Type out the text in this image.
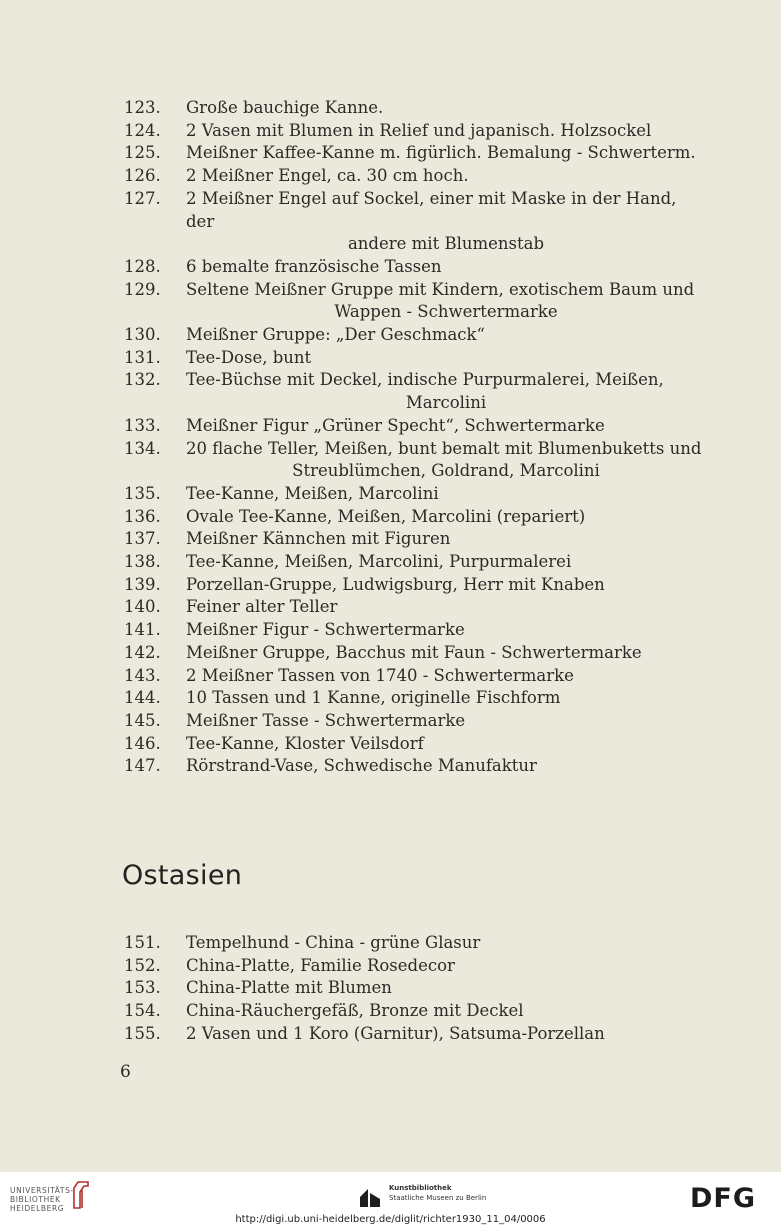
123.	Große bauchige Kanne.
124.	2 Vasen mit Blumen in Relief und japanisch. Holzsockel
125.	Meißner Kaffee-Kanne m. figürlich. Bemalung - Schwerterm.
126.	2 Meißner Engel, ca. 30 cm hoch.
127.	2 Meißner Engel auf Sockel, einer mit Maske in der Hand, der
andere mit Blumenstab
128.	6 bemalte französische Tassen
129.	Seltene Meißner Gruppe mit Kindern, exotischem Baum und
Wappen - Schwertermarke
130.	Meißner Gruppe: „Der Geschmack“
131.	Tee-Dose, bunt
132.	Tee-Büchse mit Deckel, indische Purpurmalerei, Meißen,
Marcolini
133.	Meißner Figur „Grüner Specht“, Schwertermarke
134.	20 flache Teller, Meißen, bunt bemalt mit Blumenbuketts und
Streublümchen, Goldrand, Marcolini
135.	Tee-Kanne, Meißen, Marcolini
136.	Ovale Tee-Kanne, Meißen, Marcolini (repariert)
137.	Meißner Kännchen mit Figuren
138.	Tee-Kanne, Meißen, Marcolini, Purpurmalerei
139.	Porzellan-Gruppe, Ludwigsburg, Herr mit Knaben
140.	Feiner alter Teller
141.	Meißner Figur - Schwertermarke
142.	Meißner Gruppe, Bacchus mit Faun - Schwertermarke
143.	2 Meißner Tassen von 1740 - Schwertermarke
144.	10 Tassen und 1 Kanne, originelle Fischform
145.	Meißner Tasse - Schwertermarke
146.	Tee-Kanne, Kloster Veilsdorf
147.	Rörstrand-Vase, Schwedische Manufaktur
Ostasien
151.	Tempelhund - China - grüne Glasur
152.	China-Platte, Familie Rosedecor
153.	China-Platte mit Blumen
154.	China-Räuchergefäß, Bronze mit Deckel
155.	2 Vasen und 1 Koro (Garnitur), Satsuma-Porzellan
6
UNIVERSITÄTS-
BIBLIOTHEK
HEIDELBERG
Kunstbibliothek
Staatliche Museen zu Berlin	DFG
http://digi.ub.uni-heidelberg.de/diglit/richter1930_11_04/0006
